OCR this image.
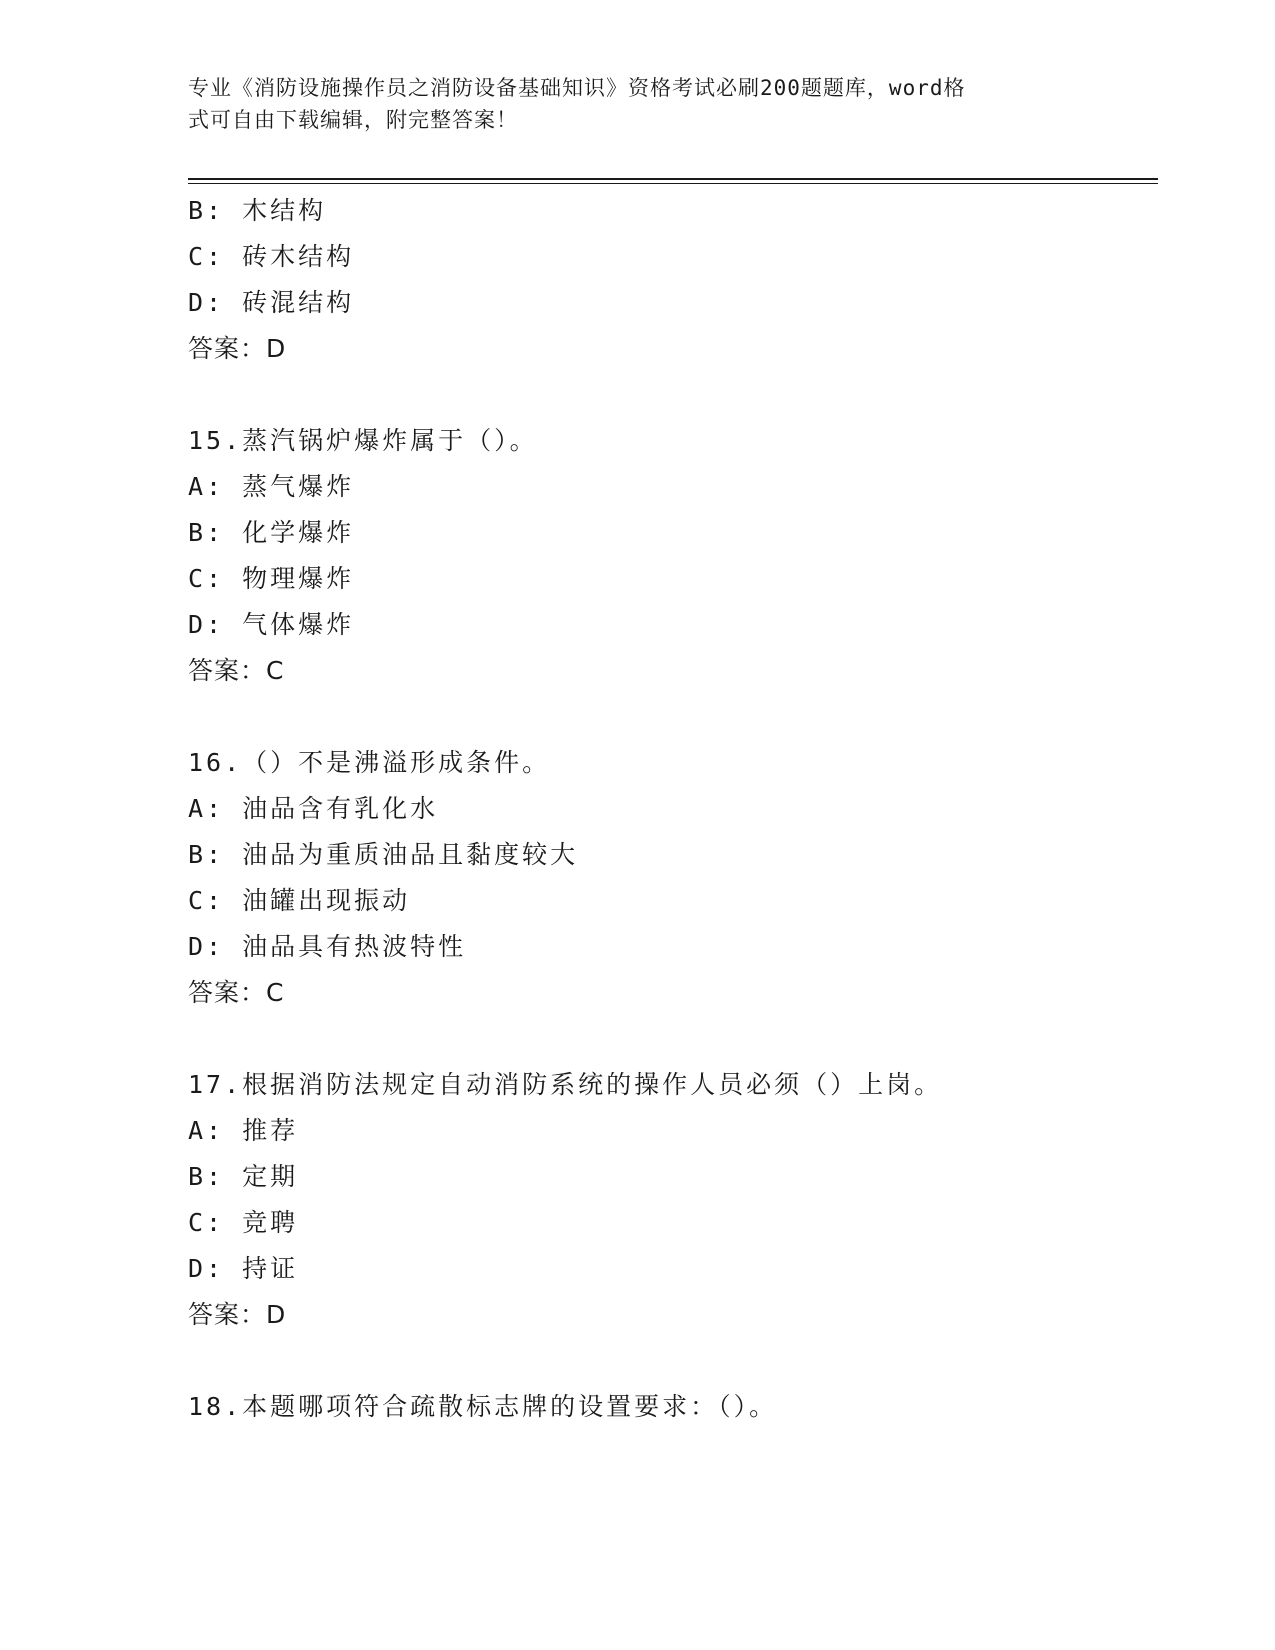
专业《消防设施操作员之消防设备基础知识》资格考试必刷200题题库，word格
式可自由下载编辑，附完整答案！
B: 木结构
C: 砖木结构
D: 砖混结构
答案：D
15.蒸汽锅炉爆炸属于（）。
A: 蒸气爆炸
B: 化学爆炸
C: 物理爆炸
D: 气体爆炸
答案：C
16.（）不是沸溢形成条件。
A: 油品含有乳化水
B: 油品为重质油品且黏度较大
C: 油罐出现振动
D: 油品具有热波特性
答案：C
17.根据消防法规定自动消防系统的操作人员必须（）上岗。
A: 推荐
B: 定期
C: 竞聘
D: 持证
答案：D
18.本题哪项符合疏散标志牌的设置要求：（）。
